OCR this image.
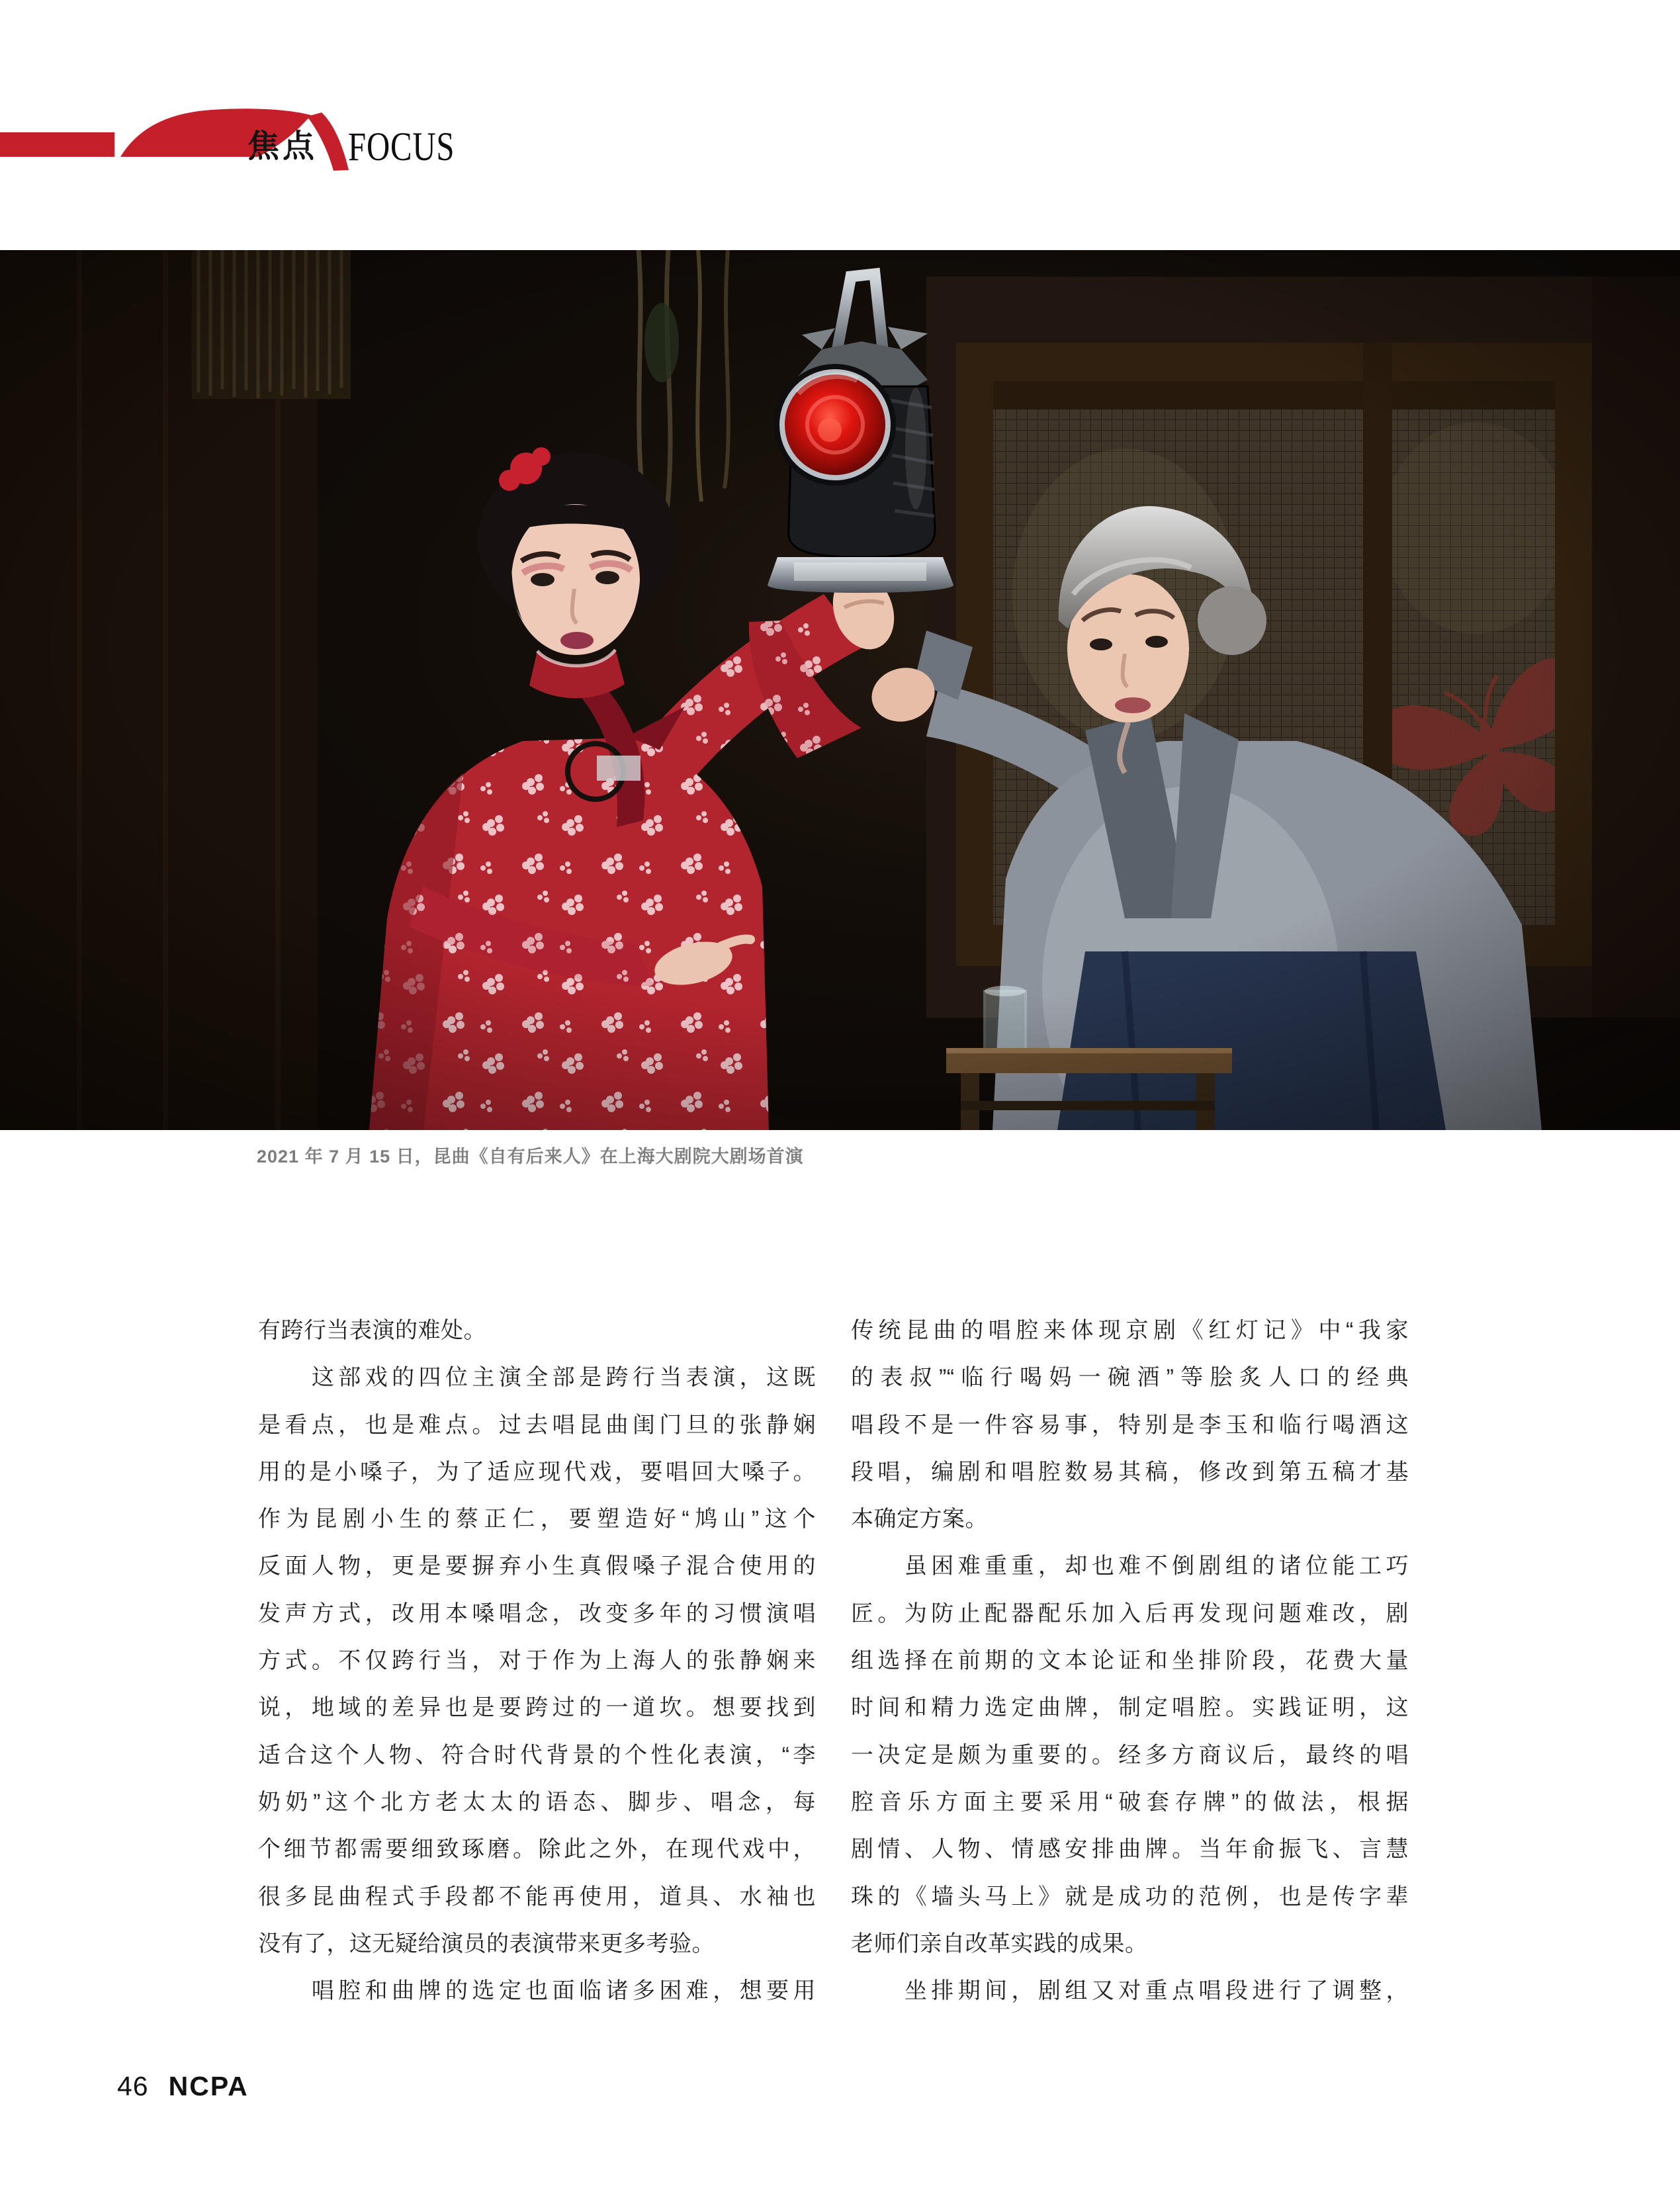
焦点 FOCUS
2021 年 7 月 15 日，昆曲《自有后来人》在上海大剧院大剧场首演
有跨行当表演的难处。
　　这部戏的四位主演全部是跨行当表演，这既
是看点，也是难点。过去唱昆曲闺门旦的张静娴
用的是小嗓子，为了适应现代戏，要唱回大嗓子。
作为昆剧小生的蔡正仁，要塑造好“鸠山”这个
反面人物，更是要摒弃小生真假嗓子混合使用的
发声方式，改用本嗓唱念，改变多年的习惯演唱
方式。不仅跨行当，对于作为上海人的张静娴来
说，地域的差异也是要跨过的一道坎。想要找到
适合这个人物、符合时代背景的个性化表演，“李
奶奶”这个北方老太太的语态、脚步、唱念，每
个细节都需要细致琢磨。除此之外，在现代戏中，
很多昆曲程式手段都不能再使用，道具、水袖也
没有了，这无疑给演员的表演带来更多考验。
　　唱腔和曲牌的选定也面临诸多困难，想要用
传统昆曲的唱腔来体现京剧《红灯记》中“我家
的表叔”“临行喝妈一碗酒”等脍炙人口的经典
唱段不是一件容易事，特别是李玉和临行喝酒这
段唱，编剧和唱腔数易其稿，修改到第五稿才基
本确定方案。
　　虽困难重重，却也难不倒剧组的诸位能工巧
匠。为防止配器配乐加入后再发现问题难改，剧
组选择在前期的文本论证和坐排阶段，花费大量
时间和精力选定曲牌，制定唱腔。实践证明，这
一决定是颇为重要的。经多方商议后，最终的唱
腔音乐方面主要采用“破套存牌”的做法，根据
剧情、人物、情感安排曲牌。当年俞振飞、言慧
珠的《墙头马上》就是成功的范例，也是传字辈
老师们亲自改革实践的成果。
　　坐排期间，剧组又对重点唱段进行了调整，
46 NCPA
